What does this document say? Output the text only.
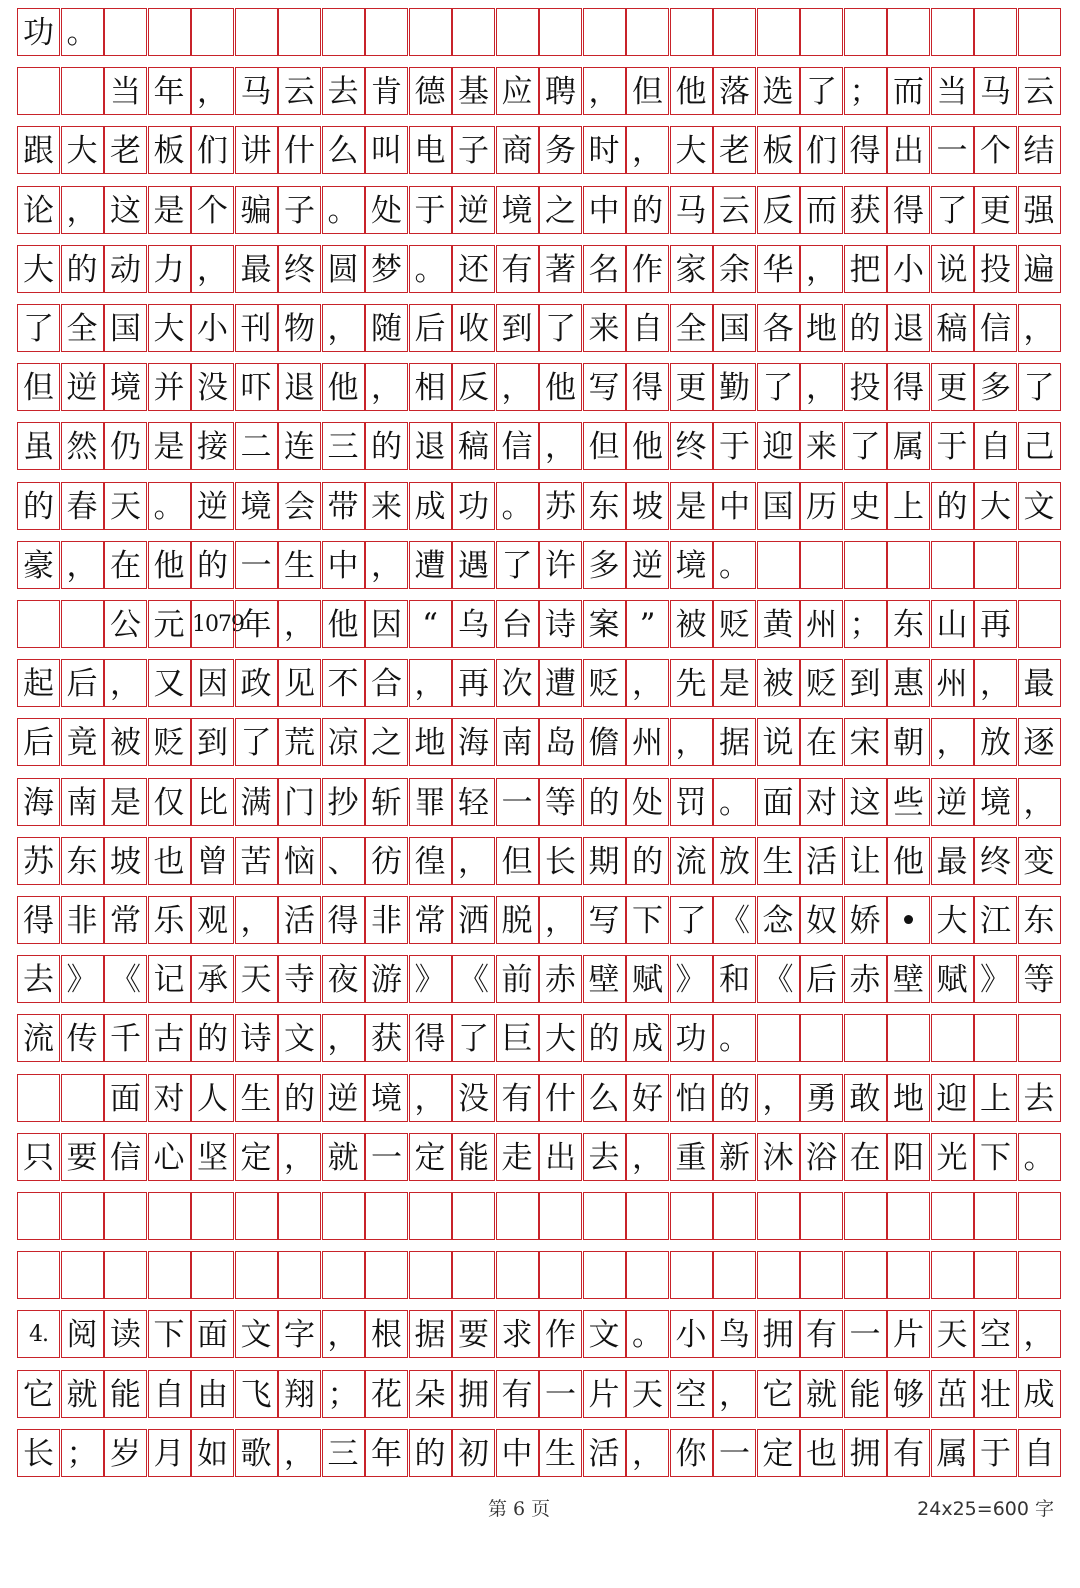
功 。
当 年 ， 马 云 去 肯 德 基 应 聘 ， 但 他 落 选 了 ； 而 当 马 云
跟 大 老 板 们 讲 什 么 叫 电 子 商 务 时 ， 大 老 板 们 得 出 一 个 结
论 ， 这 是 个 骗 子 。 处 于 逆 境 之 中 的 马 云 反 而 获 得 了 更 强
大 的 动 力 ， 最 终 圆 梦 。 还 有 著 名 作 家 余 华 ， 把 小 说 投 遍
了 全 国 大 小 刊 物 ， 随 后 收 到 了 来 自 全 国 各 地 的 退 稿 信 ，
但 逆 境 并 没 吓 退 他 ， 相 反 ， 他 写 得 更 勤 了 ， 投 得 更 多 了
虽 然 仍 是 接 二 连 三 的 退 稿 信 ， 但 他 终 于 迎 来 了 属 于 自 己
的 春 天 。 逆 境 会 带 来 成 功 。 苏 东 坡 是 中 国 历 史 上 的 大 文
豪 ， 在 他 的 一 生 中 ， 遭 遇 了 许 多 逆 境 。
公 元 1079
年 ， 他 因 “ 乌 台 诗 案 ” 被 贬 黄 州 ； 东 山 再
起 后 ， 又 因 政 见 不 合 ， 再 次 遭 贬 ， 先 是 被 贬 到 惠 州 ， 最
后 竟 被 贬 到 了 荒 凉 之 地 海 南 岛 儋 州 ， 据 说 在 宋 朝 ， 放 逐
海 南 是 仅 比 满 门 抄 斩 罪 轻 一 等 的 处 罚 。 面 对 这 些 逆 境 ，
苏 东 坡 也 曾 苦 恼 、 彷 徨 ， 但 长 期 的 流 放 生 活 让 他 最 终 变
得 非 常 乐 观 ， 活 得 非 常 洒 脱 ， 写 下 了 《 念 奴 娇 • 大 江 东
去 》 《 记 承 天 寺 夜 游 》 《 前 赤 壁 赋 》 和 《 后 赤 壁 赋 》 等
流 传 千 古 的 诗 文 ， 获 得 了 巨 大 的 成 功 。
面 对 人 生 的 逆 境 ， 没 有 什 么 好 怕 的 ， 勇 敢 地 迎 上 去
只 要 信 心 坚 定 ， 就 一 定 能 走 出 去 ， 重 新 沐 浴 在 阳 光 下 。
4. 阅 读 下 面 文 字 ， 根 据 要 求 作 文 。 小 鸟 拥 有 一 片 天 空 ，
它 就 能 自 由 飞 翔 ； 花 朵 拥 有 一 片 天 空 ， 它 就 能 够 茁 壮 成
长 ； 岁 月 如 歌 ， 三 年 的 初 中 生 活 ， 你 一 定 也 拥 有 属 于 自
第 6 页	24x25=600 字
